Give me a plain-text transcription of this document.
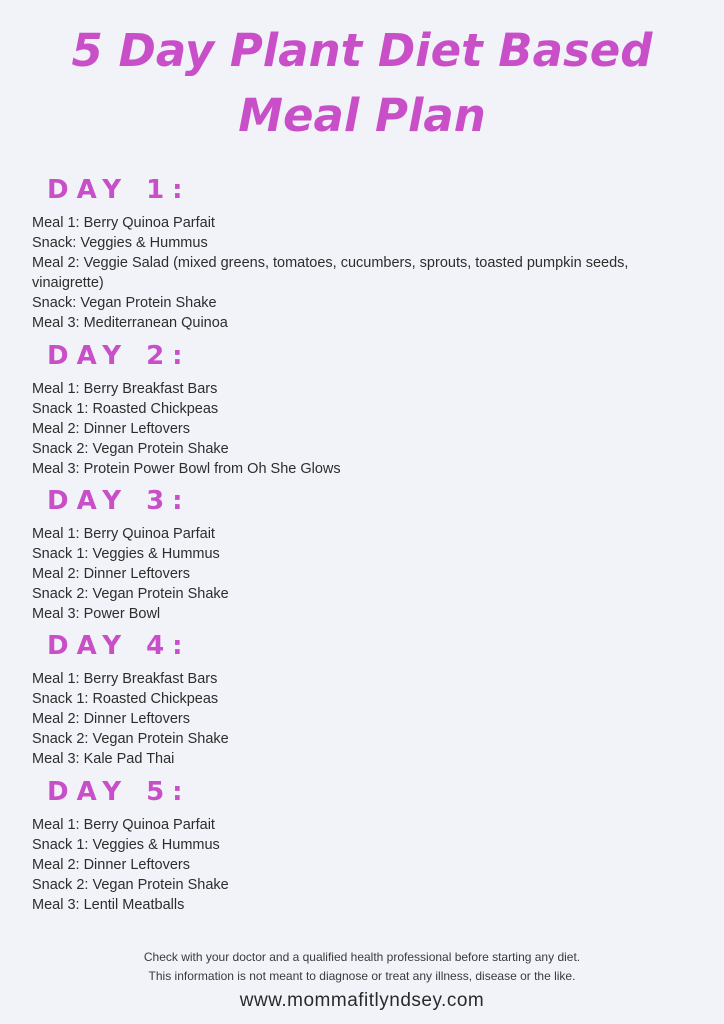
5 Day Plant Diet Based
Meal Plan
DAY 1:
Meal 1: Berry Quinoa Parfait
Snack: Veggies & Hummus
Meal 2: Veggie Salad (mixed greens, tomatoes, cucumbers, sprouts, toasted pumpkin seeds, vinaigrette)
Snack: Vegan Protein Shake
Meal 3: Mediterranean Quinoa
DAY 2:
Meal 1: Berry Breakfast Bars
Snack 1: Roasted Chickpeas
Meal 2: Dinner Leftovers
Snack 2: Vegan Protein Shake
Meal 3: Protein Power Bowl from Oh She Glows
DAY 3:
Meal 1: Berry Quinoa Parfait
Snack 1: Veggies & Hummus
Meal 2: Dinner Leftovers
Snack 2: Vegan Protein Shake
Meal 3: Power Bowl
DAY 4:
Meal 1: Berry Breakfast Bars
Snack 1: Roasted Chickpeas
Meal 2: Dinner Leftovers
Snack 2: Vegan Protein Shake
Meal 3: Kale Pad Thai
DAY 5:
Meal 1: Berry Quinoa Parfait
Snack 1: Veggies & Hummus
Meal 2: Dinner Leftovers
Snack 2: Vegan Protein Shake
Meal 3: Lentil Meatballs

Check with your doctor and a qualified health professional before starting any diet.

This information is not meant to diagnose or treat any illness, disease or the like.

www.mommafitlyndsey.com
